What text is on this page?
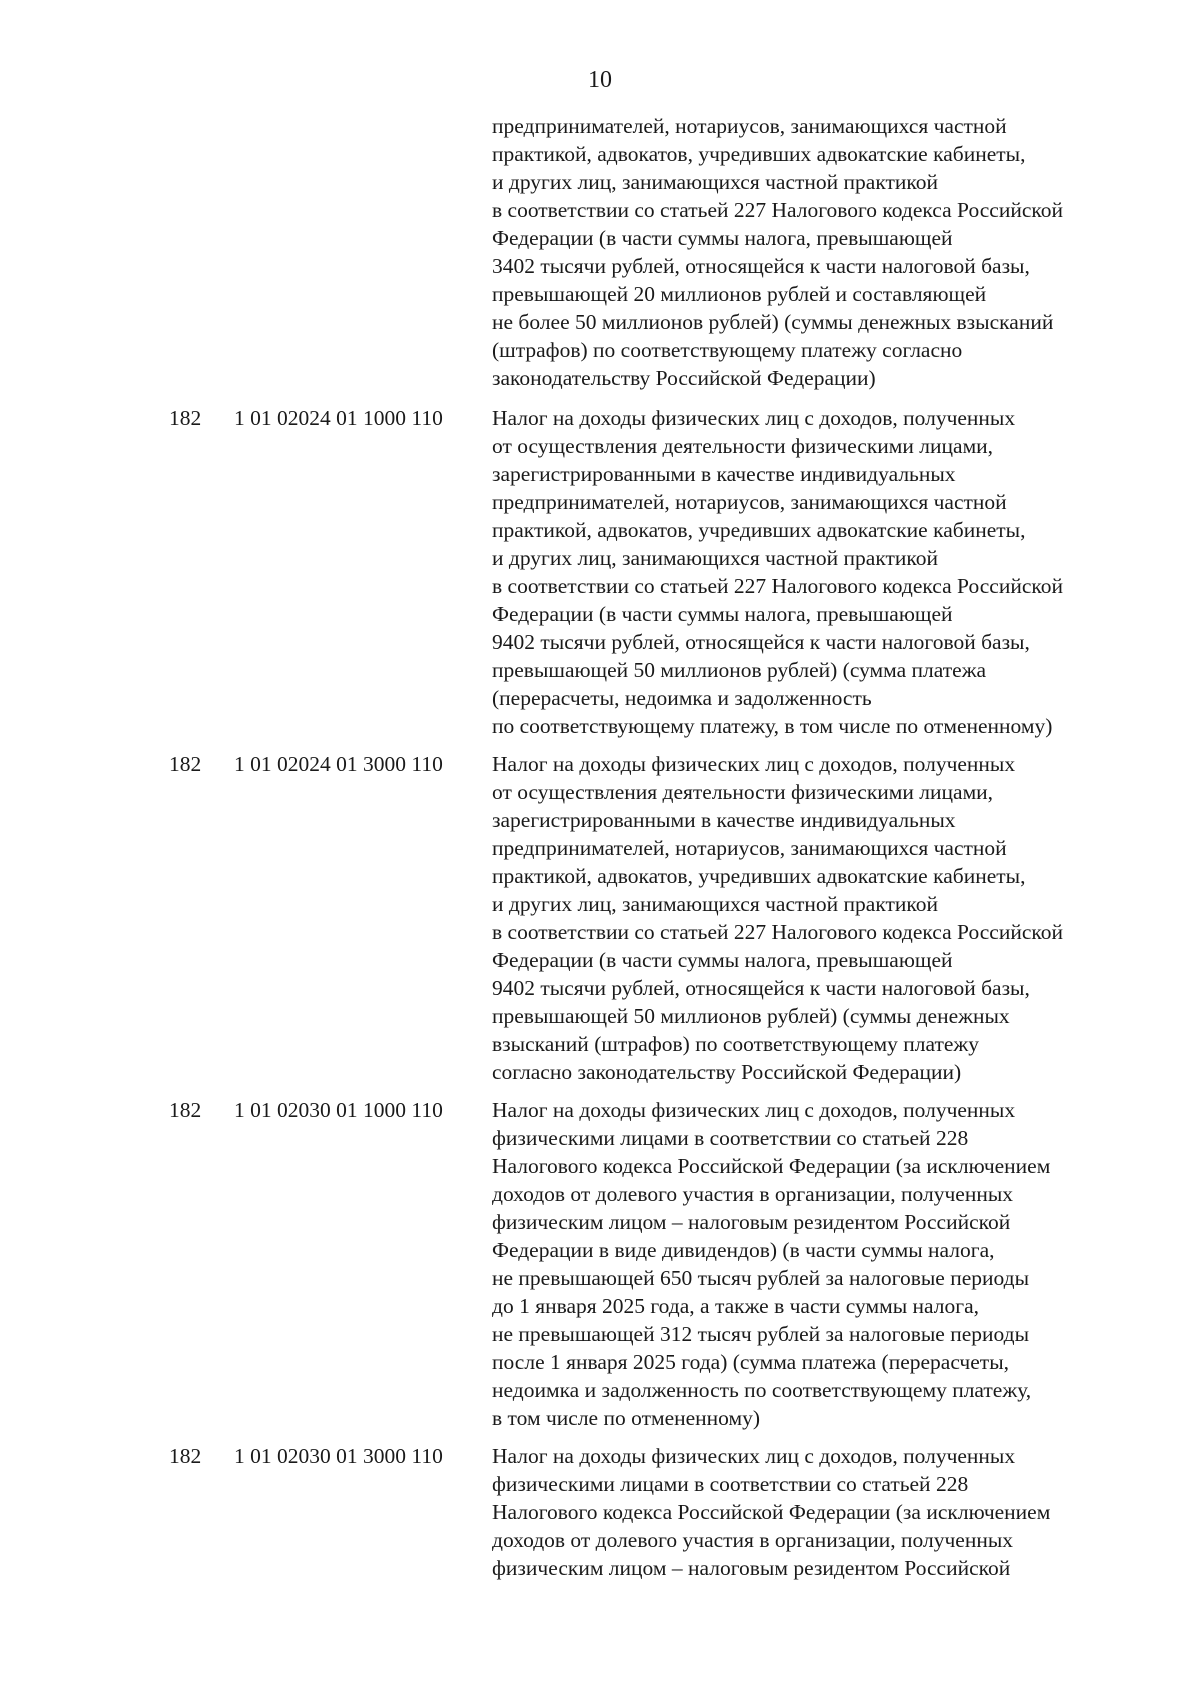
10
предпринимателей, нотариусов, занимающихся частной
практикой, адвокатов, учредивших адвокатские кабинеты,
и других лиц, занимающихся частной практикой
в соответствии со статьей 227 Налогового кодекса Российской
Федерации (в части суммы налога, превышающей
3402 тысячи рублей, относящейся к части налоговой базы,
превышающей 20 миллионов рублей и составляющей
не более 50 миллионов рублей) (суммы денежных взысканий
(штрафов) по соответствующему платежу согласно
законодательству Российской Федерации)
182	1 01 02024 01 1000 110	Налог на доходы физических лиц с доходов, полученных
от осуществления деятельности физическими лицами,
зарегистрированными в качестве индивидуальных
предпринимателей, нотариусов, занимающихся частной
практикой, адвокатов, учредивших адвокатские кабинеты,
и других лиц, занимающихся частной практикой
в соответствии со статьей 227 Налогового кодекса Российской
Федерации (в части суммы налога, превышающей
9402 тысячи рублей, относящейся к части налоговой базы,
превышающей 50 миллионов рублей) (сумма платежа
(перерасчеты, недоимка и задолженность
по соответствующему платежу, в том числе по отмененному)
182	1 01 02024 01 3000 110	Налог на доходы физических лиц с доходов, полученных
от осуществления деятельности физическими лицами,
зарегистрированными в качестве индивидуальных
предпринимателей, нотариусов, занимающихся частной
практикой, адвокатов, учредивших адвокатские кабинеты,
и других лиц, занимающихся частной практикой
в соответствии со статьей 227 Налогового кодекса Российской
Федерации (в части суммы налога, превышающей
9402 тысячи рублей, относящейся к части налоговой базы,
превышающей 50 миллионов рублей) (суммы денежных
взысканий (штрафов) по соответствующему платежу
согласно законодательству Российской Федерации)
182	1 01 02030 01 1000 110	Налог на доходы физических лиц с доходов, полученных
физическими лицами в соответствии со статьей 228
Налогового кодекса Российской Федерации (за исключением
доходов от долевого участия в организации, полученных
физическим лицом – налоговым резидентом Российской
Федерации в виде дивидендов) (в части суммы налога,
не превышающей 650 тысяч рублей за налоговые периоды
до 1 января 2025 года, а также в части суммы налога,
не превышающей 312 тысяч рублей за налоговые периоды
после 1 января 2025 года) (сумма платежа (перерасчеты,
недоимка и задолженность по соответствующему платежу,
в том числе по отмененному)
182	1 01 02030 01 3000 110	Налог на доходы физических лиц с доходов, полученных
физическими лицами в соответствии со статьей 228
Налогового кодекса Российской Федерации (за исключением
доходов от долевого участия в организации, полученных
физическим лицом – налоговым резидентом Российской
